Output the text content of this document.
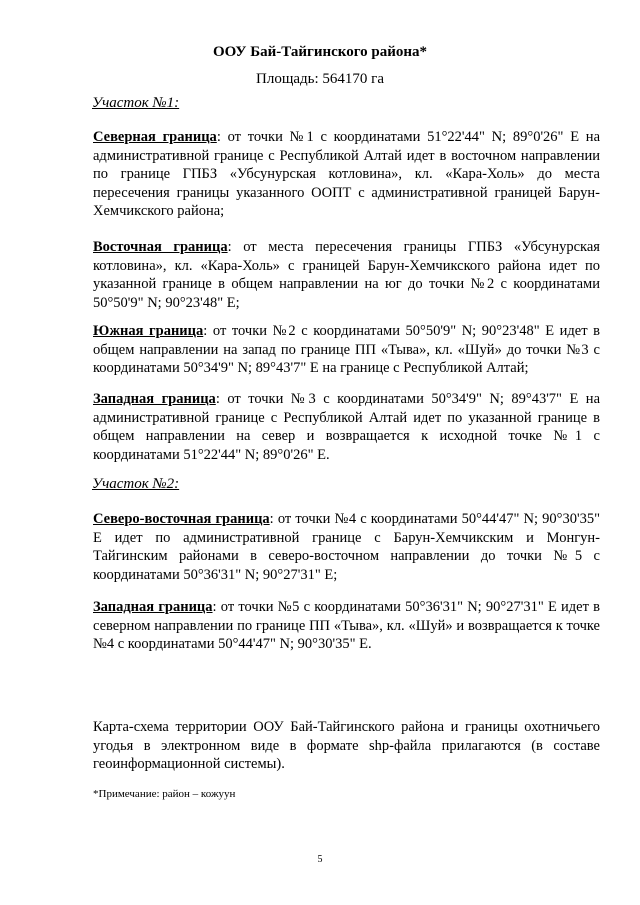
ООУ Бай-Тайгинского района*
Площадь: 564170 га
Участок №1:
Северная граница: от точки №1 с координатами 51°22'44" N; 89°0'26" E на административной границе с Республикой Алтай идет в восточном направлении по границе ГПБЗ «Убсунурская котловина», кл. «Кара-Холь» до места пересечения границы указанного ООПТ с административной границей Барун-Хемчикского района;
Восточная граница: от места пересечения границы ГПБЗ «Убсунурская котловина», кл. «Кара-Холь» с границей Барун-Хемчикского района идет по указанной границе в общем направлении на юг до точки №2 с координатами 50°50'9" N; 90°23'48" E;
Южная граница: от точки №2 с координатами 50°50'9" N; 90°23'48" E идет в общем направлении на запад по границе ПП «Тыва», кл. «Шуй» до точки №3 с координатами 50°34'9" N; 89°43'7" E на границе с Республикой Алтай;
Западная граница: от точки №3 с координатами 50°34'9" N; 89°43'7" E на административной границе с Республикой Алтай идет по указанной границе в общем направлении на север и возвращается к исходной точке №1 с координатами 51°22'44" N; 89°0'26" E.
Участок №2:
Северо-восточная граница: от точки №4 с координатами 50°44'47" N; 90°30'35" E идет по административной границе с Барун-Хемчикским и Монгун-Тайгинским районами в северо-восточном направлении до точки №5 с координатами 50°36'31" N; 90°27'31" E;
Западная граница: от точки №5 с координатами 50°36'31" N; 90°27'31" E идет в северном направлении по границе ПП «Тыва», кл. «Шуй» и возвращается к точке №4 с координатами 50°44'47" N; 90°30'35" E.
Карта-схема территории ООУ Бай-Тайгинского района и границы охотничьего угодья в электронном виде в формате shp-файла прилагаются (в составе геоинформационной системы).
*Примечание: район – кожуун
5
